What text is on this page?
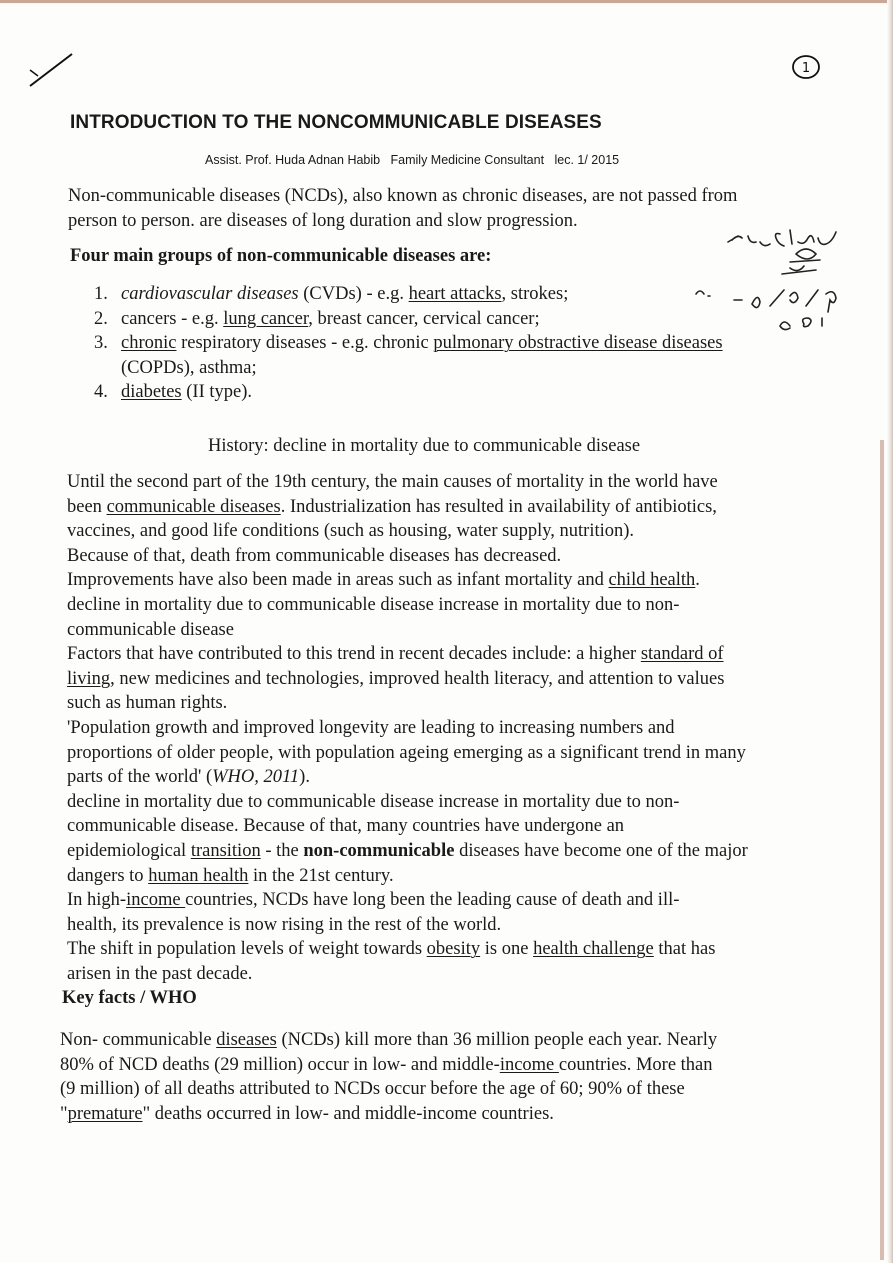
1
INTRODUCTION TO THE NONCOMMUNICABLE DISEASES
Assist. Prof. Huda Adnan Habib   Family Medicine Consultant   lec. 1/ 2015

Non-communicable diseases (NCDs), also known as chronic diseases, are not passed from
person to person. are diseases of long duration and slow progression.

Four main groups of non-communicable diseases are:
1. cardiovascular diseases (CVDs) - e.g. heart attacks, strokes;
2. cancers - e.g. lung cancer, breast cancer, cervical cancer;
3. chronic respiratory diseases - e.g. chronic pulmonary obstractive disease diseases
(COPDs), asthma;
4. diabetes (II type).
History: decline in mortality due to communicable disease

Until the second part of the 19th century, the main causes of mortality in the world have
been communicable diseases. Industrialization has resulted in availability of antibiotics,
vaccines, and good life conditions (such as housing, water supply, nutrition).
Because of that, death from communicable diseases has decreased.
Improvements have also been made in areas such as infant mortality and child health.
decline in mortality due to communicable disease increase in mortality due to non-
communicable disease
Factors that have contributed to this trend in recent decades include: a higher standard of
living, new medicines and technologies, improved health literacy, and attention to values
such as human rights.
'Population growth and improved longevity are leading to increasing numbers and
proportions of older people, with population ageing emerging as a significant trend in many
parts of the world' (WHO, 2011).
decline in mortality due to communicable disease increase in mortality due to non-
communicable disease. Because of that, many countries have undergone an
epidemiological transition - the non-communicable diseases have become one of the major
dangers to human health in the 21st century.
In high-income countries, NCDs have long been the leading cause of death and ill-
health, its prevalence is now rising in the rest of the world.
The shift in population levels of weight towards obesity is one health challenge that has
arisen in the past decade.

Key facts / WHO

Non- communicable diseases (NCDs) kill more than 36 million people each year. Nearly
80% of NCD deaths (29 million) occur in low- and middle-income countries. More than
(9 million) of all deaths attributed to NCDs occur before the age of 60; 90% of these
"premature" deaths occurred in low- and middle-income countries.
